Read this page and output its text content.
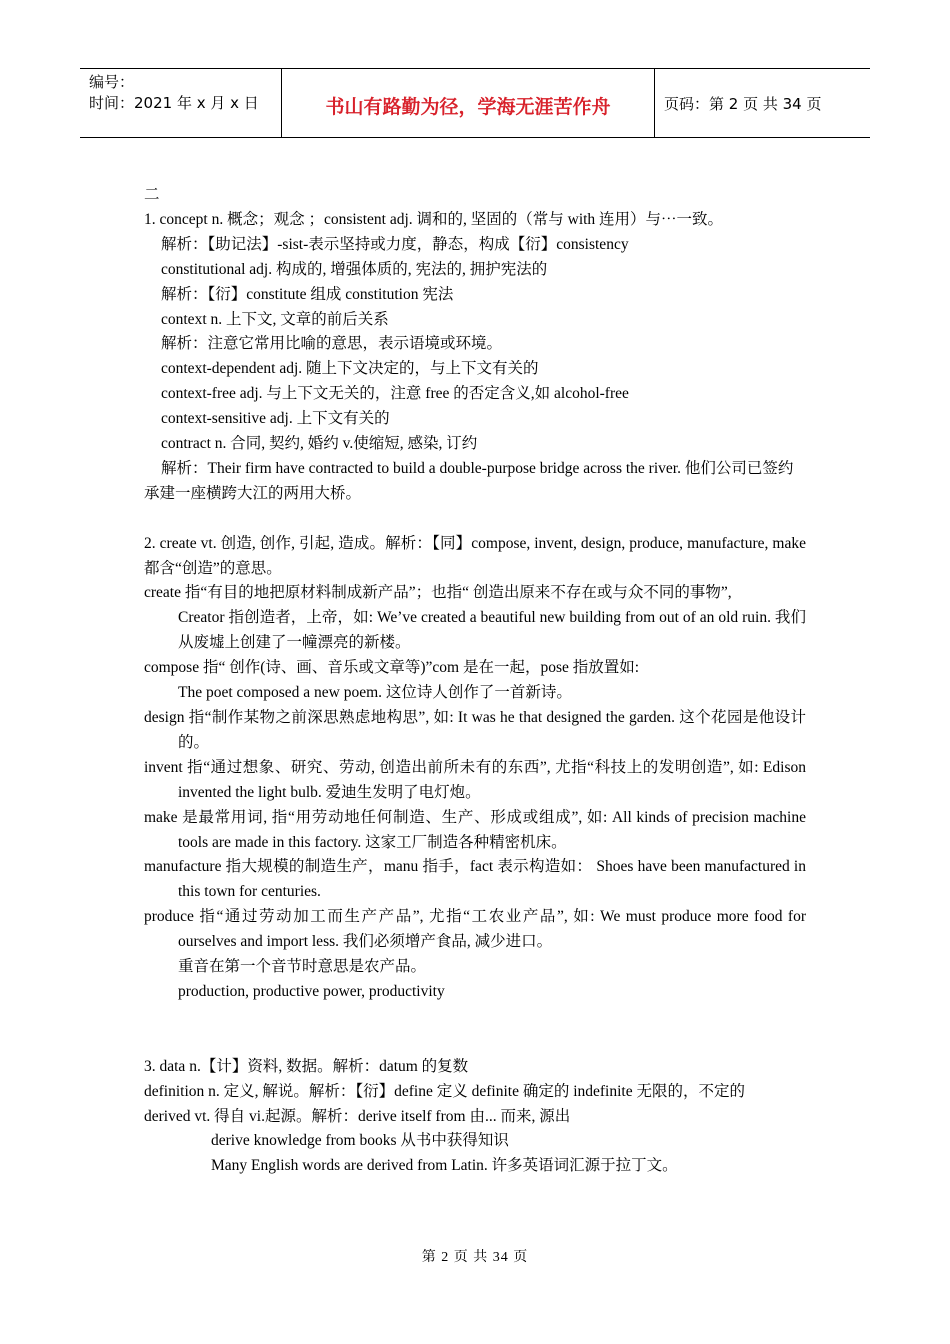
编号：
时间：2021 年 x 月 x 日	书山有路勤为径，学海无涯苦作舟	页码：第 2 页 共 34 页

二

1. concept n. 概念；观念 ；consistent adj. 调和的, 坚固的（常与 with 连用）与⋯一致。

解析：【助记法】-sist-表示坚持或力度，静态，构成【衍】consistency

constitutional adj. 构成的, 增强体质的, 宪法的, 拥护宪法的

解析：【衍】constitute 组成 constitution 宪法

context n. 上下文, 文章的前后关系

解析：注意它常用比喻的意思，表示语境或环境。

context-dependent adj. 随上下文决定的，与上下文有关的

context-free adj. 与上下文无关的，注意 free 的否定含义,如 alcohol-free

context-sensitive adj. 上下文有关的

contract n. 合同, 契约, 婚约 v.使缩短, 感染, 订约

解析：Their firm have contracted to build a double-purpose bridge across the river. 他们公司已签约承建一座横跨大江的两用大桥。

2. create vt. 创造, 创作, 引起, 造成。解析：【同】compose, invent, design, produce, manufacture, make 都含“创造”的意思。

create 指“有目的地把原材料制成新产品”；也指“ 创造出原来不存在或与众不同的事物”,

Creator 指创造者，上帝，如: We’ve created a beautiful new building from out of an old ruin. 我们从废墟上创建了一幢漂亮的新楼。

compose 指“ 创作(诗、画、音乐或文章等)”com 是在一起，pose 指放置如:

The poet composed a new poem. 这位诗人创作了一首新诗。

design 指“制作某物之前深思熟虑地构思”, 如: It was he that designed the garden. 这个花园是他设计的。

invent 指“通过想象、研究、劳动, 创造出前所未有的东西”, 尤指“科技上的发明创造”, 如: Edison invented the light bulb. 爱迪生发明了电灯炮。

make 是最常用词, 指“用劳动地任何制造、生产、形成或组成”, 如: All kinds of precision machine tools are made in this factory. 这家工厂制造各种精密机床。

manufacture 指大规模的制造生产，manu 指手，fact 表示构造如： Shoes have been manufactured in this town for centuries.

produce 指“通过劳动加工而生产产品”, 尤指“工农业产品”, 如: We must produce more food for ourselves and import less. 我们必须增产食品, 减少进口。

重音在第一个音节时意思是农产品。

production, productive power, productivity

3. data n.【计】资料, 数据。解析：datum 的复数

definition n. 定义, 解说。解析：【衍】define 定义 definite 确定的 indefinite 无限的，不定的

derived vt. 得自 vi.起源。解析：derive itself from 由... 而来, 源出

derive knowledge from books 从书中获得知识

Many English words are derived from Latin. 许多英语词汇源于拉丁文。

第 2 页 共 34 页
